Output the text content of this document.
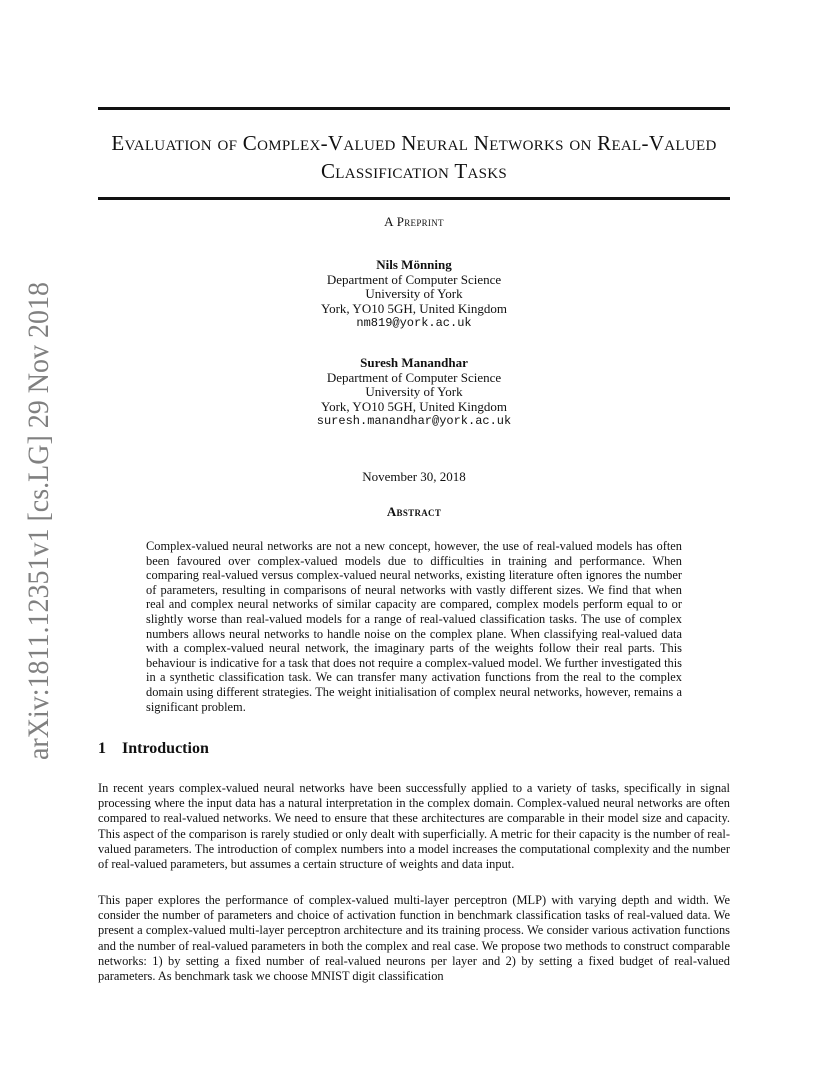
arXiv:1811.12351v1 [cs.LG] 29 Nov 2018
Evaluation of Complex-Valued Neural Networks on Real-Valued
Classification Tasks
A Preprint
Nils Mönning
Department of Computer Science
University of York
York, YO10 5GH, United Kingdom
nm819@york.ac.uk
Suresh Manandhar
Department of Computer Science
University of York
York, YO10 5GH, United Kingdom
suresh.manandhar@york.ac.uk
November 30, 2018
Abstract

Complex-valued neural networks are not a new concept, however, the use of real-valued models has often been favoured over complex-valued models due to difficulties in training and performance. When comparing real-valued versus complex-valued neural networks, existing literature often ignores the number of parameters, resulting in comparisons of neural networks with vastly different sizes. We find that when real and complex neural networks of similar capacity are compared, complex models perform equal to or slightly worse than real-valued models for a range of real-valued classification tasks. The use of complex numbers allows neural networks to handle noise on the complex plane. When classifying real-valued data with a complex-valued neural network, the imaginary parts of the weights follow their real parts. This behaviour is indicative for a task that does not require a complex-valued model. We further investigated this in a synthetic classification task. We can transfer many activation functions from the real to the complex domain using different strategies. The weight initialisation of complex neural networks, however, remains a significant problem.

1 Introduction

In recent years complex-valued neural networks have been successfully applied to a variety of tasks, specifically in signal processing where the input data has a natural interpretation in the complex domain. Complex-valued neural networks are often compared to real-valued networks. We need to ensure that these architectures are comparable in their model size and capacity. This aspect of the comparison is rarely studied or only dealt with superficially. A metric for their capacity is the number of real-valued parameters. The introduction of complex numbers into a model increases the computational complexity and the number of real-valued parameters, but assumes a certain structure of weights and data input.

This paper explores the performance of complex-valued multi-layer perceptron (MLP) with varying depth and width. We consider the number of parameters and choice of activation function in benchmark classification tasks of real-valued data. We present a complex-valued multi-layer perceptron architecture and its training process. We consider various activation functions and the number of real-valued parameters in both the complex and real case. We propose two methods to construct comparable networks: 1) by setting a fixed number of real-valued neurons per layer and 2) by setting a fixed budget of real-valued parameters. As benchmark task we choose MNIST digit classification
